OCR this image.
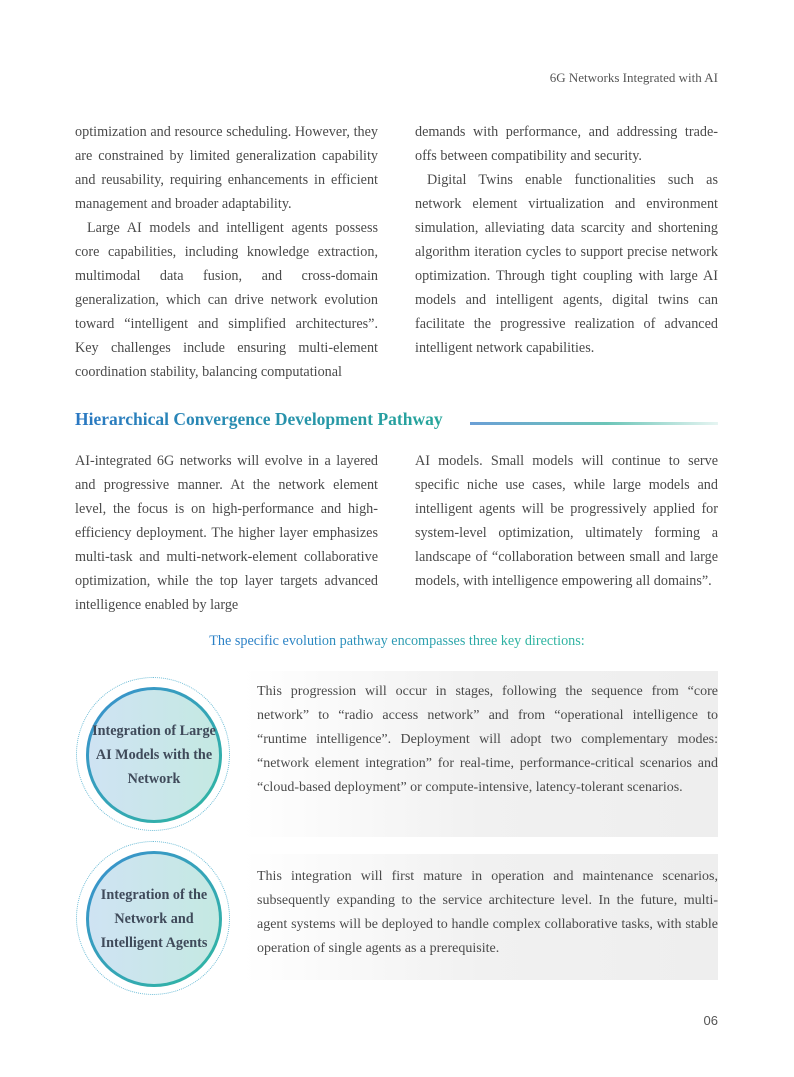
6G Networks Integrated with AI

optimization and resource scheduling. However, they are constrained by limited generalization capability and reusability, requiring enhancements in efficient management and broader adaptability.

Large AI models and intelligent agents possess core capabilities, including knowledge extraction, multimodal data fusion, and cross-domain generalization, which can drive network evolution toward “intelligent and simplified architectures”. Key challenges include ensuring multi-element coordination stability, balancing computational

demands with performance, and addressing trade-offs between compatibility and security.

Digital Twins enable functionalities such as network element virtualization and environment simulation, alleviating data scarcity and shortening algorithm iteration cycles to support precise network optimization. Through tight coupling with large AI models and intelligent agents, digital twins can facilitate the progressive realization of advanced intelligent network capabilities.

Hierarchical Convergence Development Pathway

AI-integrated 6G networks will evolve in a layered and progressive manner. At the network element level, the focus is on high-performance and high-efficiency deployment. The higher layer emphasizes multi-task and multi-network-element collaborative optimization, while the top layer targets advanced intelligence enabled by large

AI models. Small models will continue to serve specific niche use cases, while large models and intelligent agents will be progressively applied for system-level optimization, ultimately forming a landscape of “collaboration between small and large models, with intelligence empowering all domains”.

The specific evolution pathway encompasses three key directions:
Integration of Large AI Models with the Network
This progression will occur in stages, following the sequence from “core network” to “radio access network” and from “operational intelligence to “runtime intelligence”. Deployment will adopt two complementary modes: “network element integration” for real-time, performance-critical scenarios and “cloud-based deployment” or compute-intensive, latency-tolerant scenarios.
Integration of the Network and Intelligent Agents
This integration will first mature in operation and maintenance scenarios, subsequently expanding to the service architecture level. In the future, multi-agent systems will be deployed to handle complex collaborative tasks, with stable operation of single agents as a prerequisite.
06
